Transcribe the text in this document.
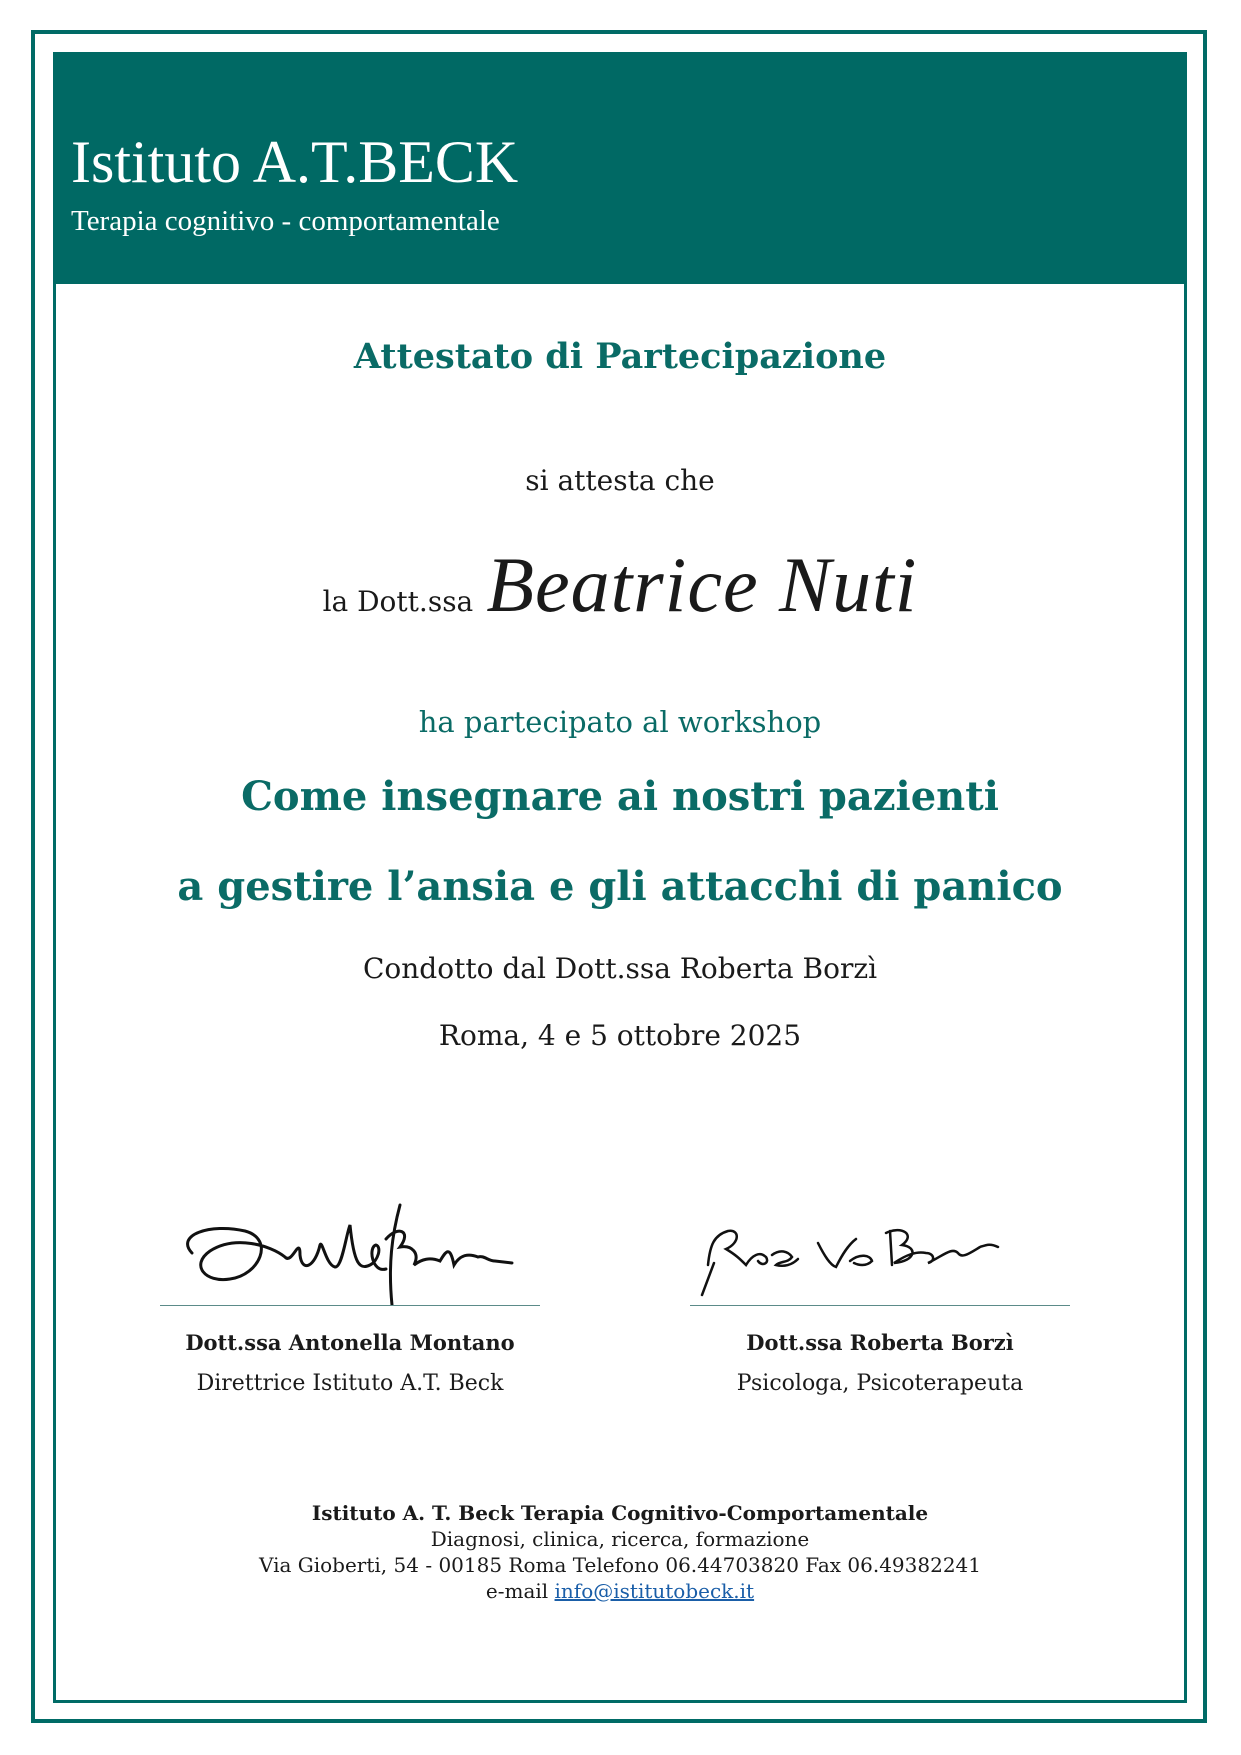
Istituto A.T.BECK

Terapia cognitivo - comportamentale

Attestato di Partecipazione

si attesta che

la Dott.ssa Beatrice Nuti

ha partecipato al workshop

Come insegnare ai nostri pazienti

a gestire l’ansia e gli attacchi di panico

Condotto dal Dott.ssa Roberta Borzì

Roma, 4 e 5 ottobre 2025

Dott.ssa Antonella Montano
Direttrice Istituto A.T. Beck
Dott.ssa Roberta Borzì
Psicologa, Psicoterapeuta
Istituto A. T. Beck Terapia Cognitivo-Comportamentale
Diagnosi, clinica, ricerca, formazione
Via Gioberti, 54 - 00185 Roma Telefono 06.44703820 Fax 06.49382241
e-mail info@istitutobeck.it
